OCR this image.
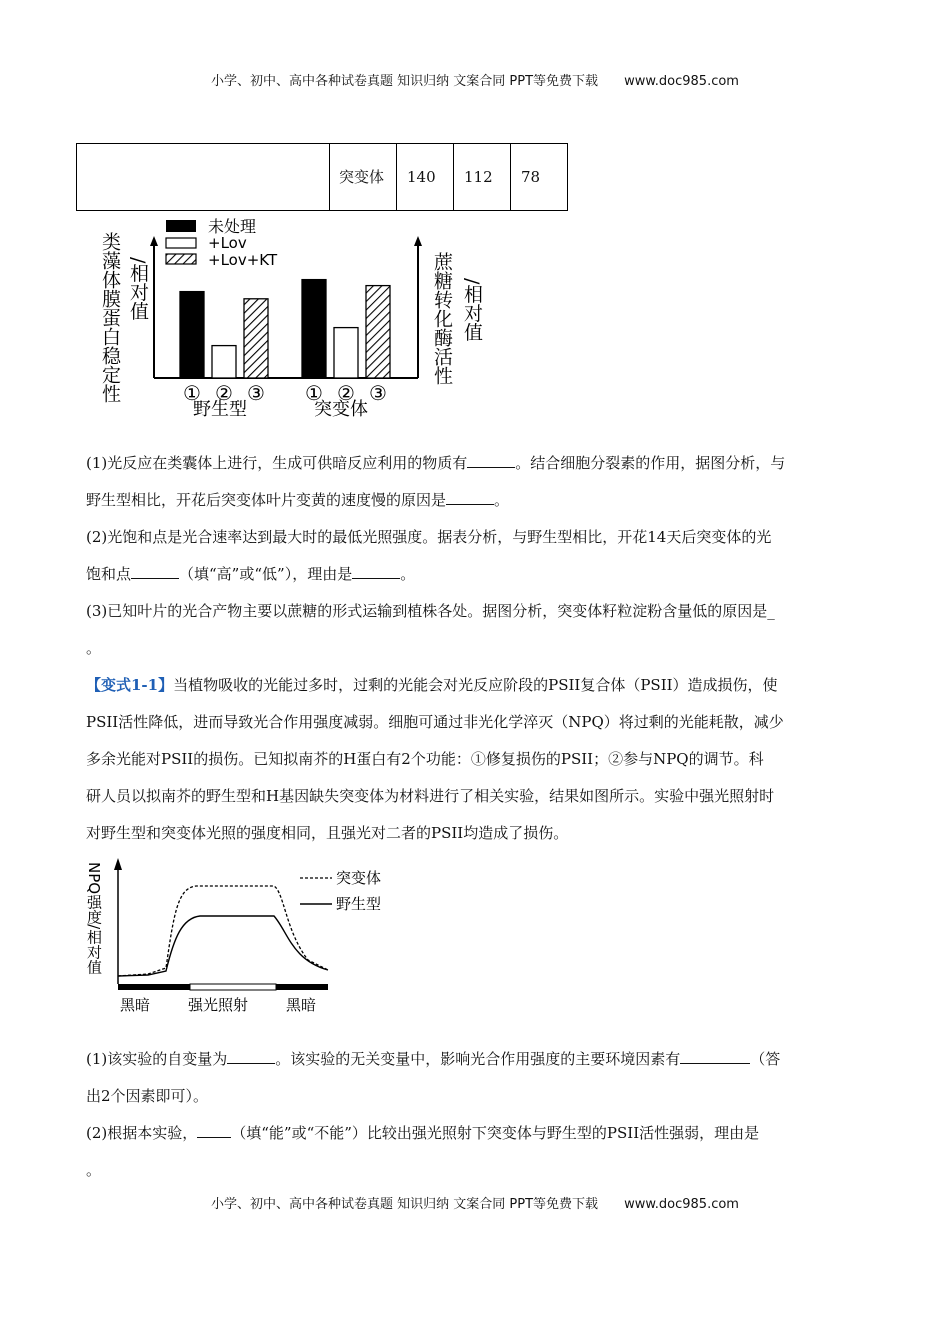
小学、初中、高中各种试卷真题 知识归纳 文案合同 PPT等免费下载 www.doc985.com
	突变体	140	112	78
类藻体膜蛋白稳定性 /相对值
未处理
+Lov
+Lov+KT
① ② ③ ① ② ③
野生型	突变体
蔗糖转化酶活性 /相对值
(1)光反应在类囊体上进行，生成可供暗反应利用的物质有	。结合细胞分裂素的作用，据图分析，与
野生型相比，开花后突变体叶片变黄的速度慢的原因是	。
(2)光饱和点是光合速率达到最大时的最低光照强度。据表分析，与野生型相比，开花14天后突变体的光
饱和点	（填“高”或“低”），理由是	。
(3)已知叶片的光合产物主要以蔗糖的形式运输到植株各处。据图分析，突变体籽粒淀粉含量低的原因是_
。
【变式1-1】当植物吸收的光能过多时，过剩的光能会对光反应阶段的PSII复合体（PSII）造成损伤，使
PSII活性降低，进而导致光合作用强度减弱。细胞可通过非光化学淬灭（NPQ）将过剩的光能耗散，减少
多余光能对PSII的损伤。已知拟南芥的H蛋白有2个功能：①修复损伤的PSII；②参与NPQ的调节。科
研人员以拟南芥的野生型和H基因缺失突变体为材料进行了相关实验，结果如图所示。实验中强光照射时
对野生型和突变体光照的强度相同，且强光对二者的PSII均造成了损伤。
NPQ强度/相对值
黑暗	强光照射	黑暗
突变体
野生型
(1)该实验的自变量为	。该实验的无关变量中，影响光合作用强度的主要环境因素有	（答
出2个因素即可）。
(2)根据本实验， （填“能”或“不能”）比较出强光照射下突变体与野生型的PSII活性强弱，理由是
。
小学、初中、高中各种试卷真题 知识归纳 文案合同 PPT等免费下载 www.doc985.com
